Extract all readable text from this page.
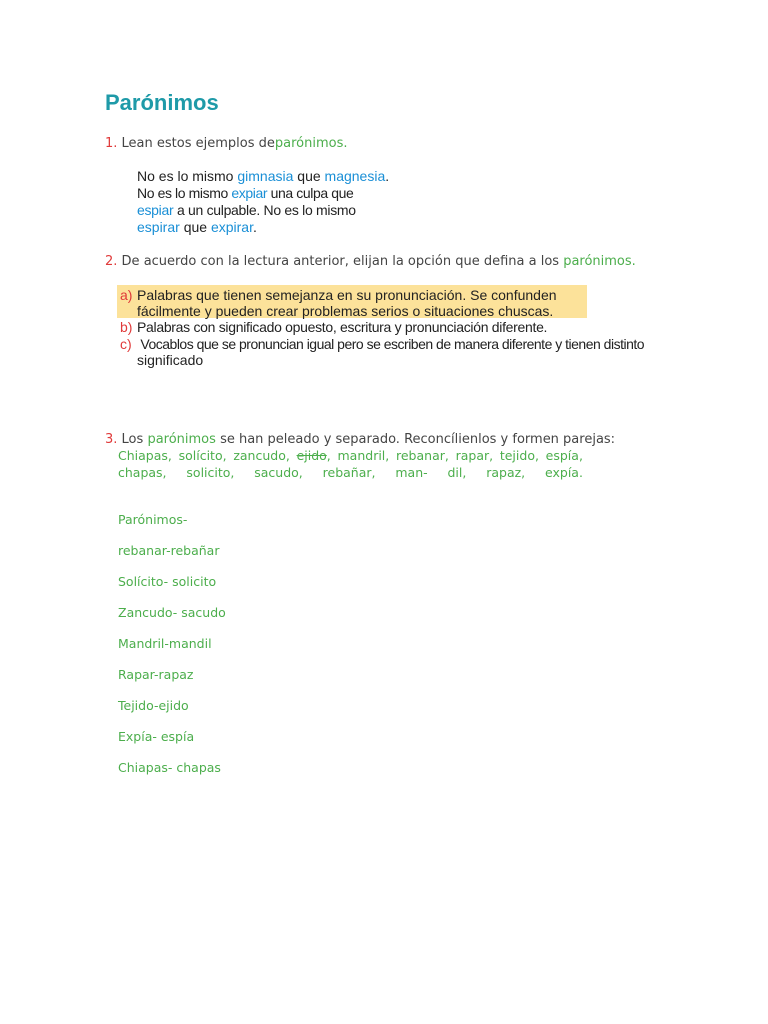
Parónimos
1. Lean estos ejemplos deparónimos.
No es lo mismo gimnasia que magnesia.
No es lo mismo expiar una culpa que
espiar a un culpable. No es lo mismo
espirar que expirar.
2. De acuerdo con la lectura anterior, elijan la opción que defina a los parónimos.
a) Palabras que tienen semejanza en su pronunciación. Se confunden
fácilmente y pueden crear problemas serios o situaciones chuscas.
b) Palabras con significado opuesto, escritura y pronunciación diferente.
c) Vocablos que se pronuncian igual pero se escriben de manera diferente y tienen distinto
significado
3. Los parónimos se han peleado y separado. Reconcílienlos y formen parejas:
Chiapas, solícito, zancudo, ejido, mandril, rebanar, rapar, tejido, espía,
chapas, solicito, sacudo, rebañar, man- dil, rapaz, expía.
Parónimos-
rebanar-rebañar
Solícito- solicito
Zancudo- sacudo
Mandril-mandil
Rapar-rapaz
Tejido-ejido
Expía- espía
Chiapas- chapas
